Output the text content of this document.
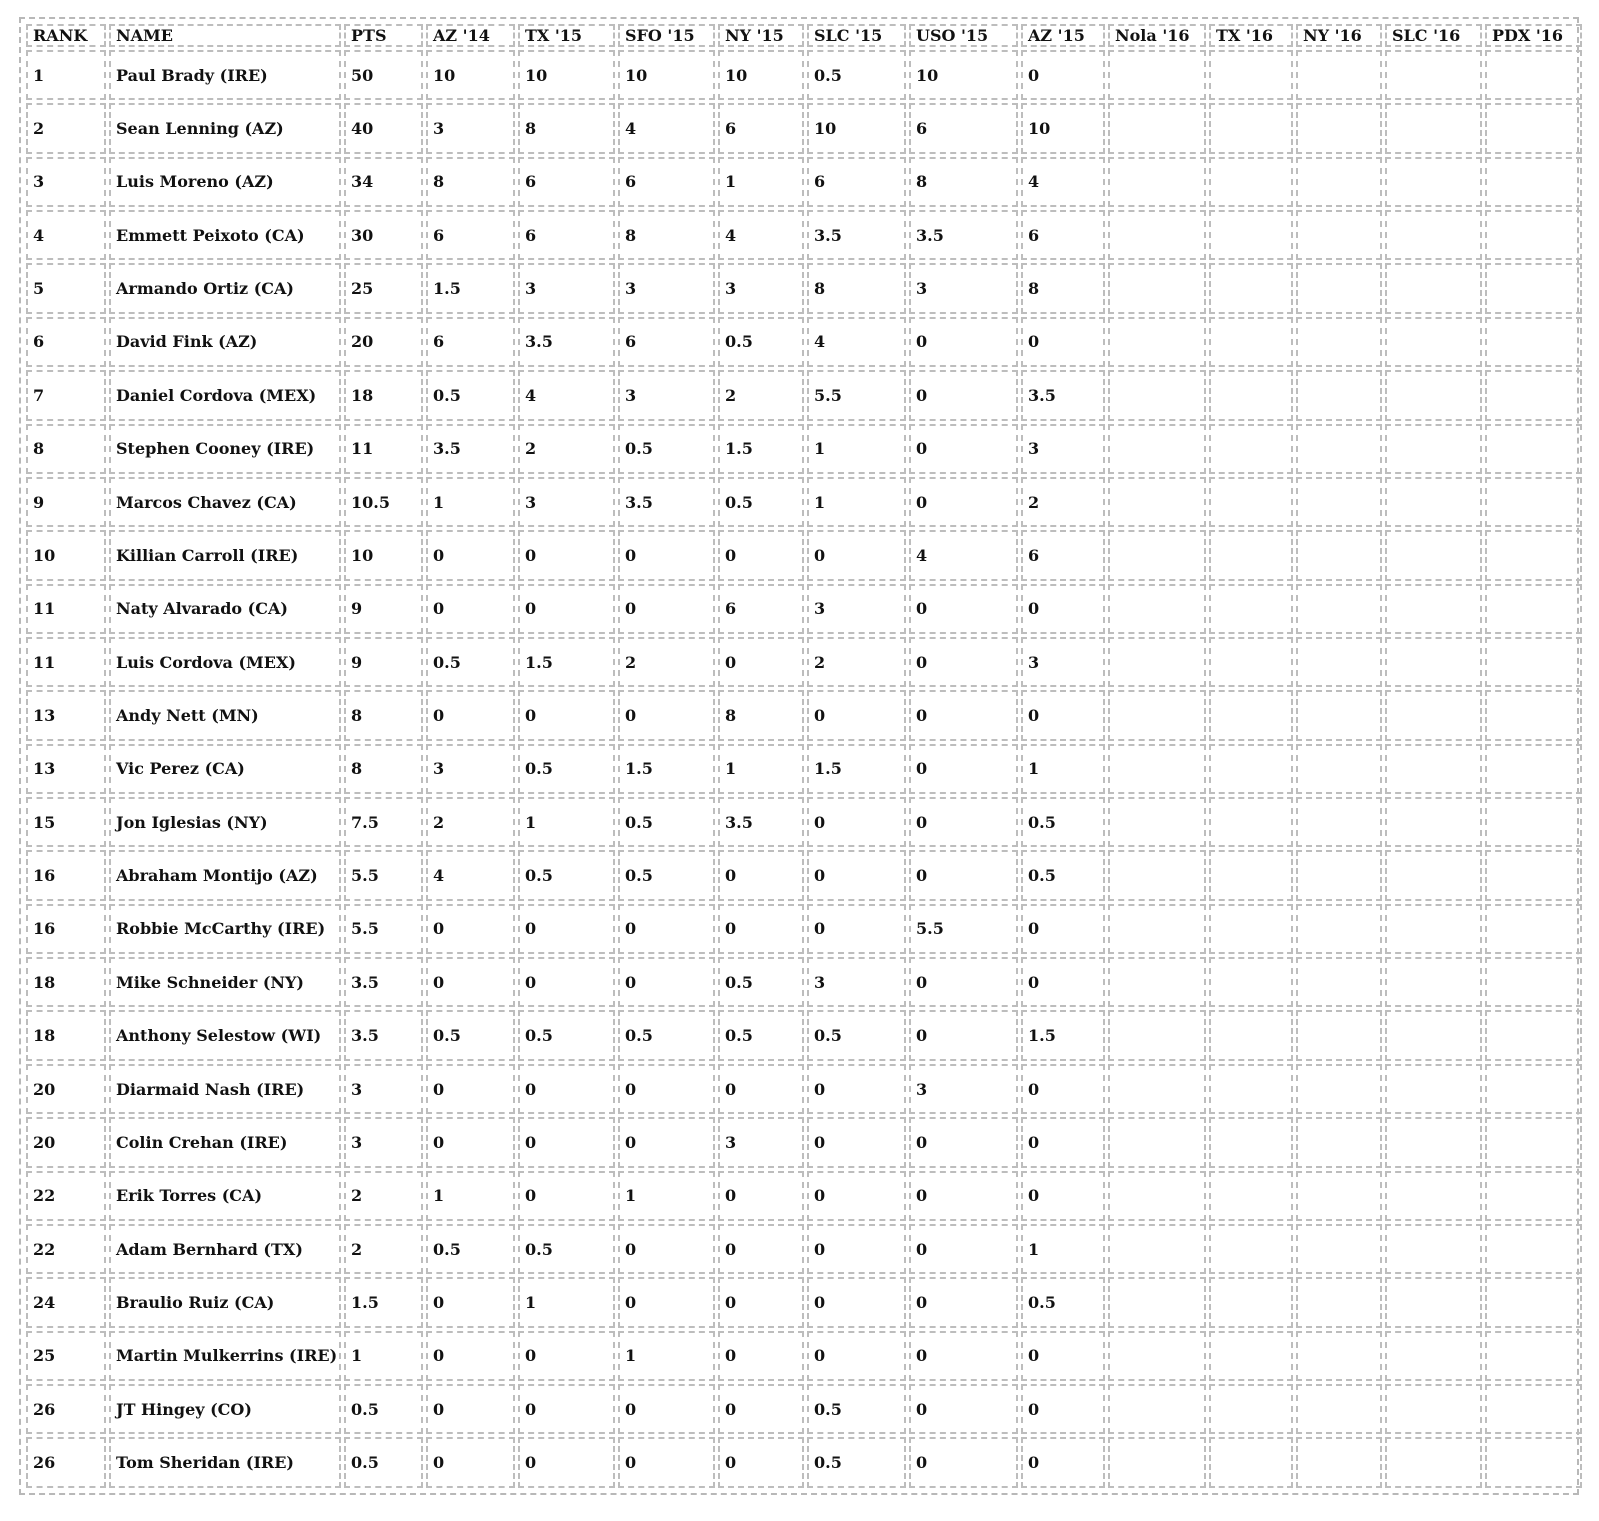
RANK	NAME	PTS	AZ '14	TX '15	SFO '15	NY '15	SLC '15	USO '15	AZ '15	Nola '16	TX '16	NY '16	SLC '16	PDX '16
1	Paul Brady (IRE)	50	10	10	10	10	0.5	10	0					
2	Sean Lenning (AZ)	40	3	8	4	6	10	6	10					
3	Luis Moreno (AZ)	34	8	6	6	1	6	8	4					
4	Emmett Peixoto (CA)	30	6	6	8	4	3.5	3.5	6					
5	Armando Ortiz (CA)	25	1.5	3	3	3	8	3	8					
6	David Fink (AZ)	20	6	3.5	6	0.5	4	0	0					
7	Daniel Cordova (MEX)	18	0.5	4	3	2	5.5	0	3.5					
8	Stephen Cooney (IRE)	11	3.5	2	0.5	1.5	1	0	3					
9	Marcos Chavez (CA)	10.5	1	3	3.5	0.5	1	0	2					
10	Killian Carroll (IRE)	10	0	0	0	0	0	4	6					
11	Naty Alvarado (CA)	9	0	0	0	6	3	0	0					
11	Luis Cordova (MEX)	9	0.5	1.5	2	0	2	0	3					
13	Andy Nett (MN)	8	0	0	0	8	0	0	0					
13	Vic Perez (CA)	8	3	0.5	1.5	1	1.5	0	1					
15	Jon Iglesias (NY)	7.5	2	1	0.5	3.5	0	0	0.5					
16	Abraham Montijo (AZ)	5.5	4	0.5	0.5	0	0	0	0.5					
16	Robbie McCarthy (IRE)	5.5	0	0	0	0	0	5.5	0					
18	Mike Schneider (NY)	3.5	0	0	0	0.5	3	0	0					
18	Anthony Selestow (WI)	3.5	0.5	0.5	0.5	0.5	0.5	0	1.5					
20	Diarmaid Nash (IRE)	3	0	0	0	0	0	3	0					
20	Colin Crehan (IRE)	3	0	0	0	3	0	0	0					
22	Erik Torres (CA)	2	1	0	1	0	0	0	0					
22	Adam Bernhard (TX)	2	0.5	0.5	0	0	0	0	1					
24	Braulio Ruiz (CA)	1.5	0	1	0	0	0	0	0.5					
25	Martin Mulkerrins (IRE)	1	0	0	1	0	0	0	0					
26	JT Hingey (CO)	0.5	0	0	0	0	0.5	0	0					
26	Tom Sheridan (IRE)	0.5	0	0	0	0	0.5	0	0					
